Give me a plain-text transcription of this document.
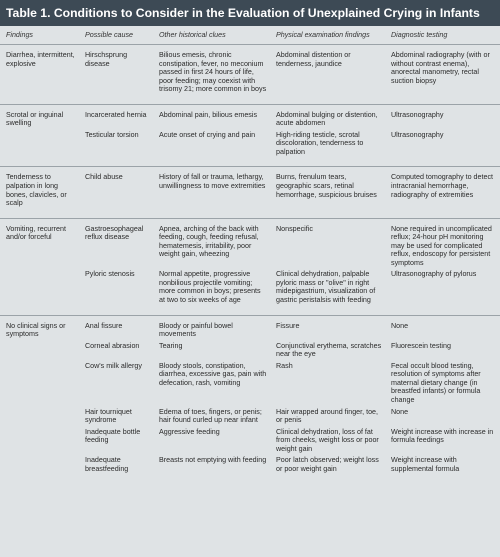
Table 1. Conditions to Consider in the Evaluation of Unexplained Crying in Infants
Findings	Possible cause	Other historical clues	Physical examination findings	Diagnostic testing
Diarrhea, intermittent, explosive	Hirschsprung disease	Bilious emesis, chronic constipation, fever, no meconium passed in first 24 hours of life, poor feeding; may coexist with trisomy 21; more common in boys	Abdominal distention or tenderness, jaundice	Abdominal radiography (with or without contrast enema), anorectal manometry, rectal suction biopsy
Scrotal or inguinal swelling	Incarcerated hernia	Abdominal pain, bilious emesis	Abdominal bulging or distention, acute abdomen	Ultrasonography
	Testicular torsion	Acute onset of crying and pain	High-riding testicle, scrotal discoloration, tenderness to palpation	Ultrasonography
Tenderness to palpation in long bones, clavicles, or scalp	Child abuse	History of fall or trauma, lethargy, unwillingness to move extremities	Burns, frenulum tears, geographic scars, retinal hemorrhage, suspicious bruises	Computed tomography to detect intracranial hemorrhage, radiography of extremities
Vomiting, recurrent and/or forceful	Gastroesophageal reflux disease	Apnea, arching of the back with feeding, cough, feeding refusal, hematemesis, irritability, poor weight gain, wheezing	Nonspecific	None required in uncomplicated reflux; 24-hour pH monitoring may be used for complicated reflux, endoscopy for persistent symptoms
	Pyloric stenosis	Normal appetite, progressive nonbilious projectile vomiting; more common in boys; presents at two to six weeks of age	Clinical dehydration, palpable pyloric mass or "olive" in right midepigastrium, visualization of gastric peristalsis with feeding	Ultrasonography of pylorus
No clinical signs or symptoms	Anal fissure	Bloody or painful bowel movements	Fissure	None
	Corneal abrasion	Tearing	Conjunctival erythema, scratches near the eye	Fluorescein testing
	Cow's milk allergy	Bloody stools, constipation, diarrhea, excessive gas, pain with defecation, rash, vomiting	Rash	Fecal occult blood testing, resolution of symptoms after maternal dietary change (in breastfed infants) or formula change
	Hair tourniquet syndrome	Edema of toes, fingers, or penis; hair found curled up near infant	Hair wrapped around finger, toe, or penis	None
	Inadequate bottle feeding	Aggressive feeding	Clinical dehydration, loss of fat from cheeks, weight loss or poor weight gain	Weight increase with increase in formula feedings
	Inadequate breastfeeding	Breasts not emptying with feeding	Poor latch observed; weight loss or poor weight gain	Weight increase with supplemental formula
